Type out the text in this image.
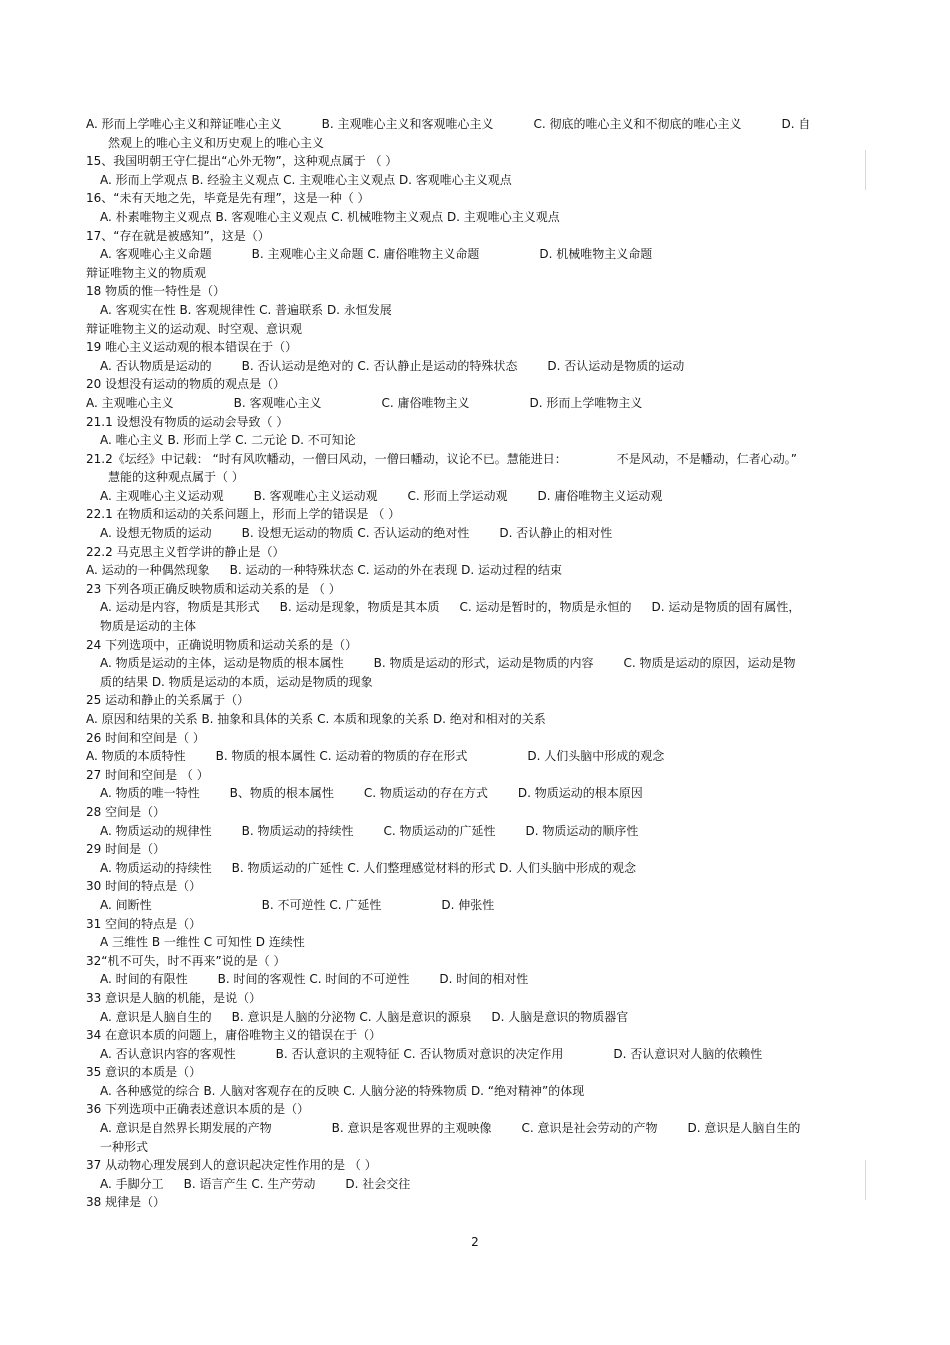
A. 形而上学唯心主义和辩证唯心主义	B. 主观唯心主义和客观唯心主义	C. 彻底的唯心主义和不彻底的唯心主义	D. 自
然观上的唯心主义和历史观上的唯心主义
15、我国明朝王守仁提出“心外无物”，这种观点属于 （ ）
A. 形而上学观点 B. 经验主义观点 C. 主观唯心主义观点 D. 客观唯心主义观点
16、“未有天地之先，毕竟是先有理”，这是一种（ ）
A. 朴素唯物主义观点 B. 客观唯心主义观点 C. 机械唯物主义观点 D. 主观唯心主义观点
17、“存在就是被感知”，这是（）
A. 客观唯心主义命题	B. 主观唯心主义命题 C. 庸俗唯物主义命题	D. 机械唯物主义命题
辩证唯物主义的物质观
18 物质的惟一特性是（）
A. 客观实在性 B. 客观规律性 C. 普遍联系 D. 永恒发展
辩证唯物主义的运动观、时空观、意识观
19 唯心主义运动观的根本错误在于（）
A. 否认物质是运动的	B. 否认运动是绝对的 C. 否认静止是运动的特殊状态	D. 否认运动是物质的运动
20 设想没有运动的物质的观点是（）
A. 主观唯心主义	B. 客观唯心主义	C. 庸俗唯物主义	D. 形而上学唯物主义
21.1 设想没有物质的运动会导致（ ）
A. 唯心主义 B. 形而上学 C. 二元论 D. 不可知论
21.2《坛经》中记载： “时有风吹幡动，一僧曰风动，一僧曰幡动，议论不已。慧能进日：	不是风动，不是幡动，仁者心动。”
慧能的这种观点属于（ ）
A. 主观唯心主义运动观	B. 客观唯心主义运动观	C. 形而上学运动观	D. 庸俗唯物主义运动观
22.1 在物质和运动的关系问题上，形而上学的错误是 （ ）
A. 设想无物质的运动	B. 设想无运动的物质 C. 否认运动的绝对性	D. 否认静止的相对性
22.2 马克思主义哲学讲的静止是（）
A. 运动的一种偶然现象 B. 运动的一种特殊状态 C. 运动的外在表现 D. 运动过程的结束
23 下列各项正确反映物质和运动关系的是 （ ）
A. 运动是内容，物质是其形式 B. 运动是现象，物质是其本质 C. 运动是暂时的，物质是永恒的 D. 运动是物质的固有属性，
物质是运动的主体
24 下列选项中，正确说明物质和运动关系的是（）
A. 物质是运动的主体，运动是物质的根本属性	B. 物质是运动的形式，运动是物质的内容	C. 物质是运动的原因，运动是物
质的结果 D. 物质是运动的本质，运动是物质的现象
25 运动和静止的关系属于（）
A. 原因和结果的关系 B. 抽象和具体的关系 C. 本质和现象的关系 D. 绝对和相对的关系
26 时间和空间是（ ）
A. 物质的本质特性	B. 物质的根本属性 C. 运动着的物质的存在形式	D. 人们头脑中形成的观念
27 时间和空间是 （ ）
A. 物质的唯一特性	B、物质的根本属性	C. 物质运动的存在方式	D. 物质运动的根本原因
28 空间是（）
A. 物质运动的规律性	B. 物质运动的持续性	C. 物质运动的广延性	D. 物质运动的顺序性
29 时间是（）
A. 物质运动的持续性 B. 物质运动的广延性 C. 人们整理感觉材料的形式 D. 人们头脑中形成的观念
30 时间的特点是（）
A. 间断性	B. 不可逆性 C. 广延性	D. 伸张性
31 空间的特点是（）
A 三维性 B 一维性 C 可知性 D 连续性
32“机不可失，时不再来”说的是（ ）
A. 时间的有限性	B. 时间的客观性 C. 时间的不可逆性	D. 时间的相对性
33 意识是人脑的机能，是说（）
A. 意识是人脑自生的 B. 意识是人脑的分泌物 C. 人脑是意识的源泉 D. 人脑是意识的物质器官
34 在意识本质的问题上，庸俗唯物主义的错误在于（）
A. 否认意识内容的客观性	B. 否认意识的主观特征 C. 否认物质对意识的决定作用	D. 否认意识对人脑的依赖性
35 意识的本质是（）
A. 各种感觉的综合 B. 人脑对客观存在的反映 C. 人脑分泌的特殊物质 D. “绝对精神”的体现
36 下列选项中正确表述意识本质的是（）
A. 意识是自然界长期发展的产物	B. 意识是客观世界的主观映像	C. 意识是社会劳动的产物	D. 意识是人脑自生的
一种形式
37 从动物心理发展到人的意识起决定性作用的是 （ ）
A. 手脚分工 B. 语言产生 C. 生产劳动	D. 社会交往
38 规律是（）
2
